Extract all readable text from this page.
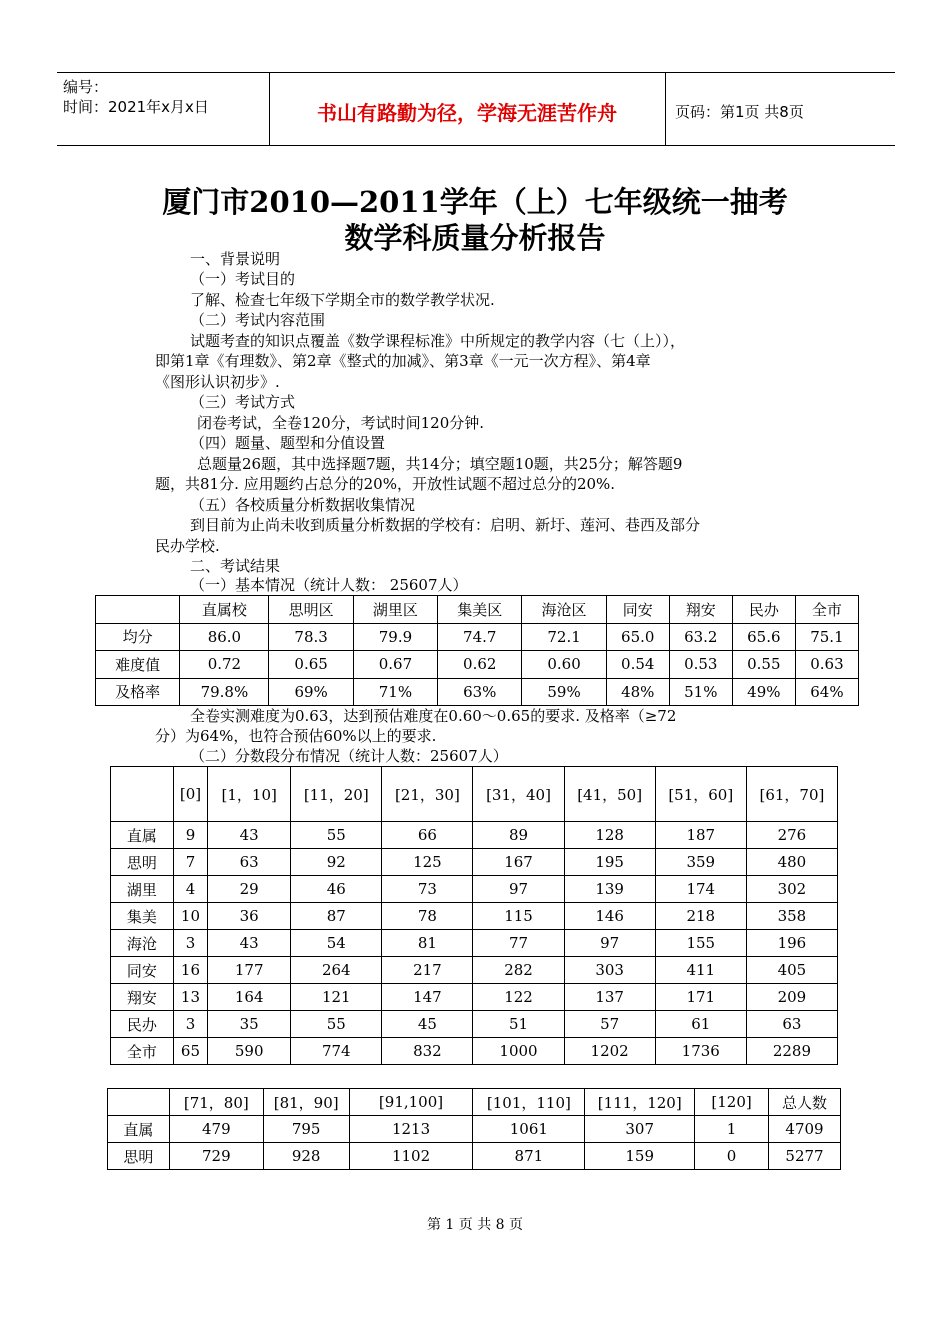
编号：
时间：2021年x月x日	书山有路勤为径，学海无涯苦作舟	页码：第1页 共8页
厦门市2010—2011学年（上）七年级统一抽考
数学科质量分析报告
一、背景说明
（一）考试目的
了解、检查七年级下学期全市的数学教学状况.
（二）考试内容范围
试题考查的知识点覆盖《数学课程标准》中所规定的教学内容（七（上）），
即第1章《有理数》、第2章《整式的加减》、第3章《一元一次方程》、第4章
《图形认识初步》.
（三）考试方式
闭卷考试，全卷120分，考试时间120分钟.
（四）题量、题型和分值设置
总题量26题，其中选择题7题，共14分；填空题10题，共25分；解答题9
题，共81分. 应用题约占总分的20%，开放性试题不超过总分的20%.
（五）各校质量分析数据收集情况
到目前为止尚未收到质量分析数据的学校有：启明、新圩、莲河、巷西及部分
民办学校.
二、考试结果
（一）基本情况（统计人数： 25607人）
	直属校	思明区	湖里区	集美区	海沧区	同安	翔安	民办	全市
均分	86.0	78.3	79.9	74.7	72.1	65.0	63.2	65.6	75.1
难度值	0.72	0.65	0.67	0.62	0.60	0.54	0.53	0.55	0.63
及格率	79.8%	69%	71%	63%	59%	48%	51%	49%	64%
全卷实测难度为0.63，达到预估难度在0.60～0.65的要求. 及格率（≥72
分）为64%，也符合预估60%以上的要求.
（二）分数段分布情况（统计人数：25607人）
	[0]	[1，10]	[11，20]	[21，30]	[31，40]	[41，50]	[51，60]	[61，70]
直属	9	43	55	66	89	128	187	276
思明	7	63	92	125	167	195	359	480
湖里	4	29	46	73	97	139	174	302
集美	10	36	87	78	115	146	218	358
海沧	3	43	54	81	77	97	155	196
同安	16	177	264	217	282	303	411	405
翔安	13	164	121	147	122	137	171	209
民办	3	35	55	45	51	57	61	63
全市	65	590	774	832	1000	1202	1736	2289
	[71，80]	[81，90]	[91,100]	[101，110]	[111，120]	[120]	总人数
直属	479	795	1213	1061	307	1	4709
思明	729	928	1102	871	159	0	5277
第 1 页 共 8 页
